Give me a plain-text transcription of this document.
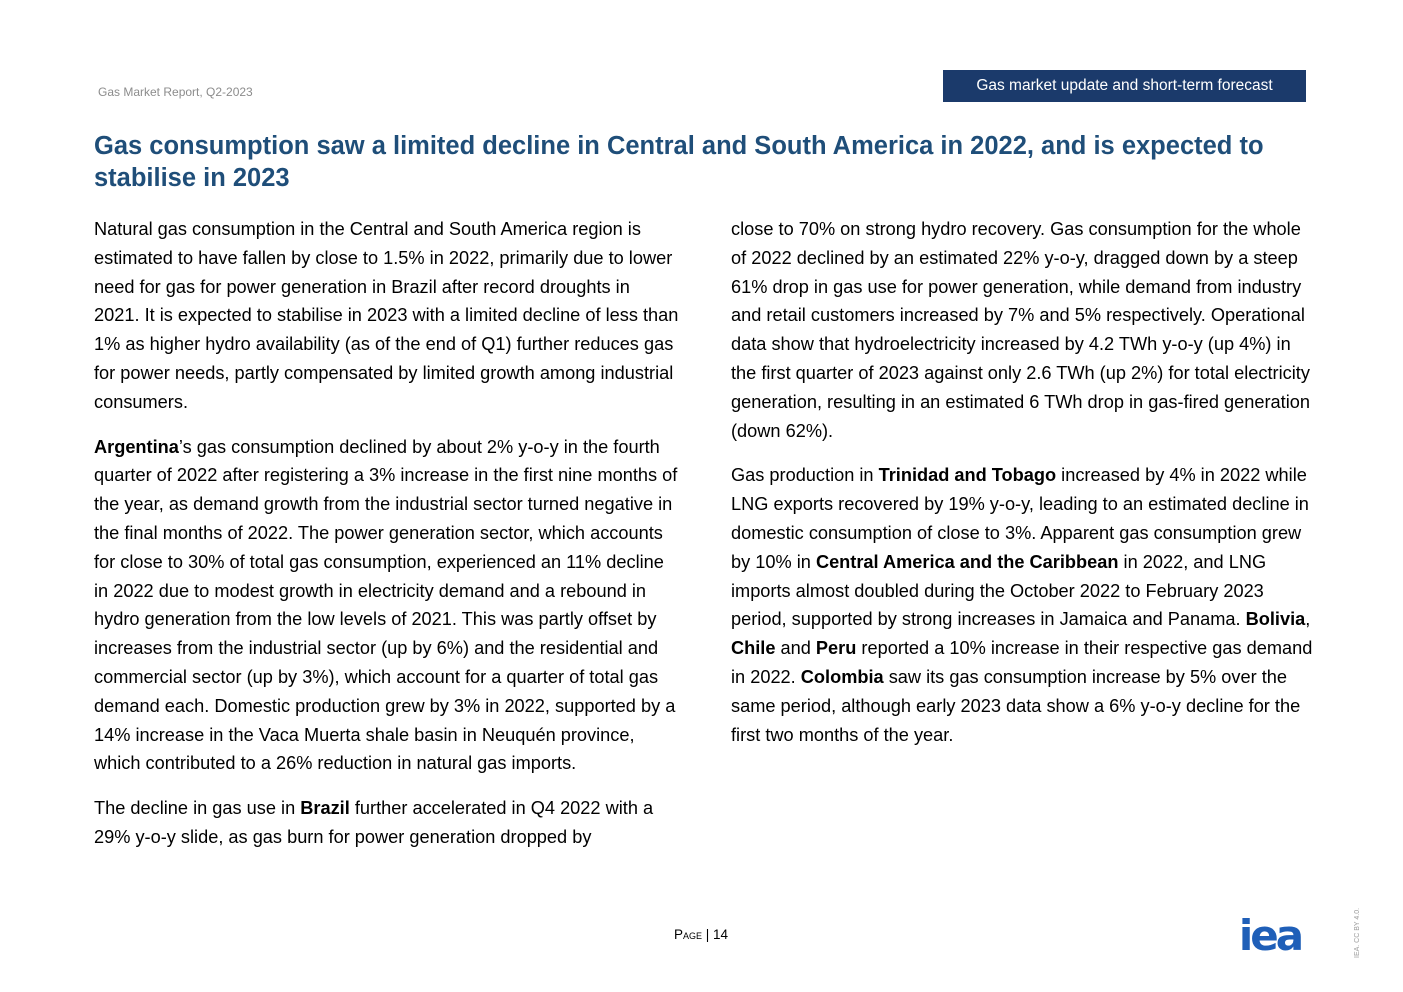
Gas Market Report, Q2-2023	Gas market update and short-term forecast
Gas consumption saw a limited decline in Central and South America in 2022, and is expected to stabilise in 2023

Natural gas consumption in the Central and South America region is estimated to have fallen by close to 1.5% in 2022, primarily due to lower need for gas for power generation in Brazil after record droughts in 2021. It is expected to stabilise in 2023 with a limited decline of less than 1% as higher hydro availability (as of the end of Q1) further reduces gas for power needs, partly compensated by limited growth among industrial consumers.

Argentina’s gas consumption declined by about 2% y-o-y in the fourth quarter of 2022 after registering a 3% increase in the first nine months of the year, as demand growth from the industrial sector turned negative in the final months of 2022. The power generation sector, which accounts for close to 30% of total gas consumption, experienced an 11% decline in 2022 due to modest growth in electricity demand and a rebound in hydro generation from the low levels of 2021. This was partly offset by increases from the industrial sector (up by 6%) and the residential and commercial sector (up by 3%), which account for a quarter of total gas demand each. Domestic production grew by 3% in 2022, supported by a 14% increase in the Vaca Muerta shale basin in Neuquén province, which contributed to a 26% reduction in natural gas imports.

The decline in gas use in Brazil further accelerated in Q4 2022 with a 29% y-o-y slide, as gas burn for power generation dropped by

close to 70% on strong hydro recovery. Gas consumption for the whole of 2022 declined by an estimated 22% y-o-y, dragged down by a steep 61% drop in gas use for power generation, while demand from industry and retail customers increased by 7% and 5% respectively. Operational data show that hydroelectricity increased by 4.2 TWh y-o-y (up 4%) in the first quarter of 2023 against only 2.6 TWh (up 2%) for total electricity generation, resulting in an estimated 6 TWh drop in gas-fired generation (down 62%).

Gas production in Trinidad and Tobago increased by 4% in 2022 while LNG exports recovered by 19% y-o-y, leading to an estimated decline in domestic consumption of close to 3%. Apparent gas consumption grew by 10% in Central America and the Caribbean in 2022, and LNG imports almost doubled during the October 2022 to February 2023 period, supported by strong increases in Jamaica and Panama. Bolivia, Chile and Peru reported a 10% increase in their respective gas demand in 2022. Colombia saw its gas consumption increase by 5% over the same period, although early 2023 data show a 6% y-o-y decline for the first two months of the year.

Page | 14	iea	IEA. CC BY 4.0.
